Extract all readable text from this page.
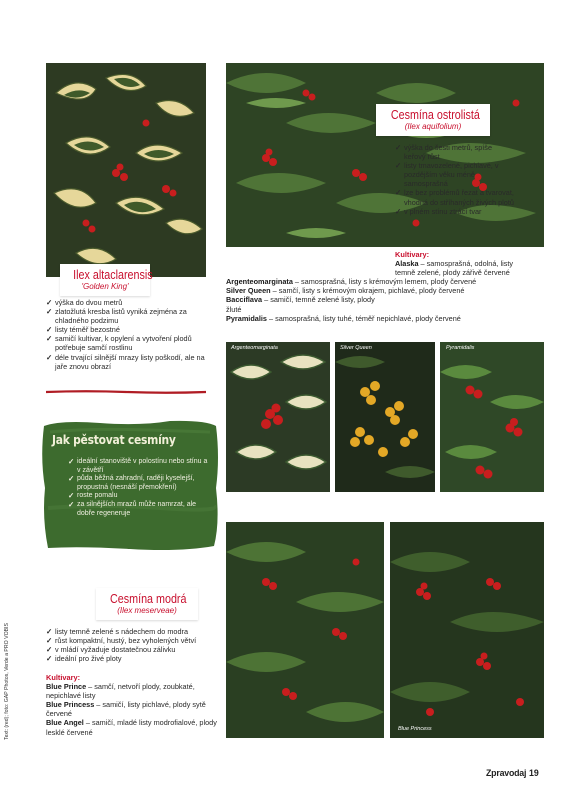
Argenteomarginata	Silver Queen	Pyramidalis
Blue Princess
Ilex altaclarensis
'Golden King'
Cesmína ostrolistá
(Ilex aquifolium)
Cesmína modrá
(Ilex meserveae)
✓ výška do dvou metrů
✓ zlatožlutá kresba listů vyniká zejména za chladného podzimu
✓ listy téměř bezostné
✓ samičí kultivar, k opylení a vytvoření plodů potřebuje samčí rostlinu
✓ déle trvající silnější mrazy listy poškodí, ale na jaře znovu obrazí
✓ výška do šesti metrů, spíše keřový růst
✓ listy tmavozelené, pichlavé, v pozdějším věku méně samosprašná
✓ lze bez problémů řezat a tvarovat, vhodná do stříhaných živých plotů
✓ v plném stínu ztrácí tvar
Kultivary:
Alaska – samosprašná, odolná, listy temně zelené, plody zářivě červené
Argenteomarginata – samosprašná, listy s krémovým lemem, plody červené
Silver Queen – samčí, listy s krémovým okrajem, pichlavé, plody červené
Bacciflava – samičí, temně zelené listy, plody žluté
Pyramidalis – samosprašná, listy tuhé, téměř nepichlavé, plody červené
Jak pěstovat cesmíny
✓ ideální stanoviště v polostínu nebo stínu a v závětří
✓ půda běžná zahradní, raději kyselejší, propustná (nesnáší přemokření)
✓ roste pomalu
✓ za silnějších mrazů může namrzat, ale dobře regeneruje
✓ listy temně zelené s nádechem do modra
✓ růst kompaktní, hustý, bez vyholených větví
✓ v mládí vyžaduje dostatečnou zálivku
✓ ideální pro živé ploty
Kultivary:
Blue Prince – samčí, netvoří plody, zoubkaté, nepichlavé listy
Blue Princess – samičí, listy pichlavé, plody sytě červené
Blue Angel – samičí, mladé listy modrofialové, plody lesklé červené
Text: (red); foto: GAP Photos, Verde a PRO VOBIS
Zpravodaj 19
